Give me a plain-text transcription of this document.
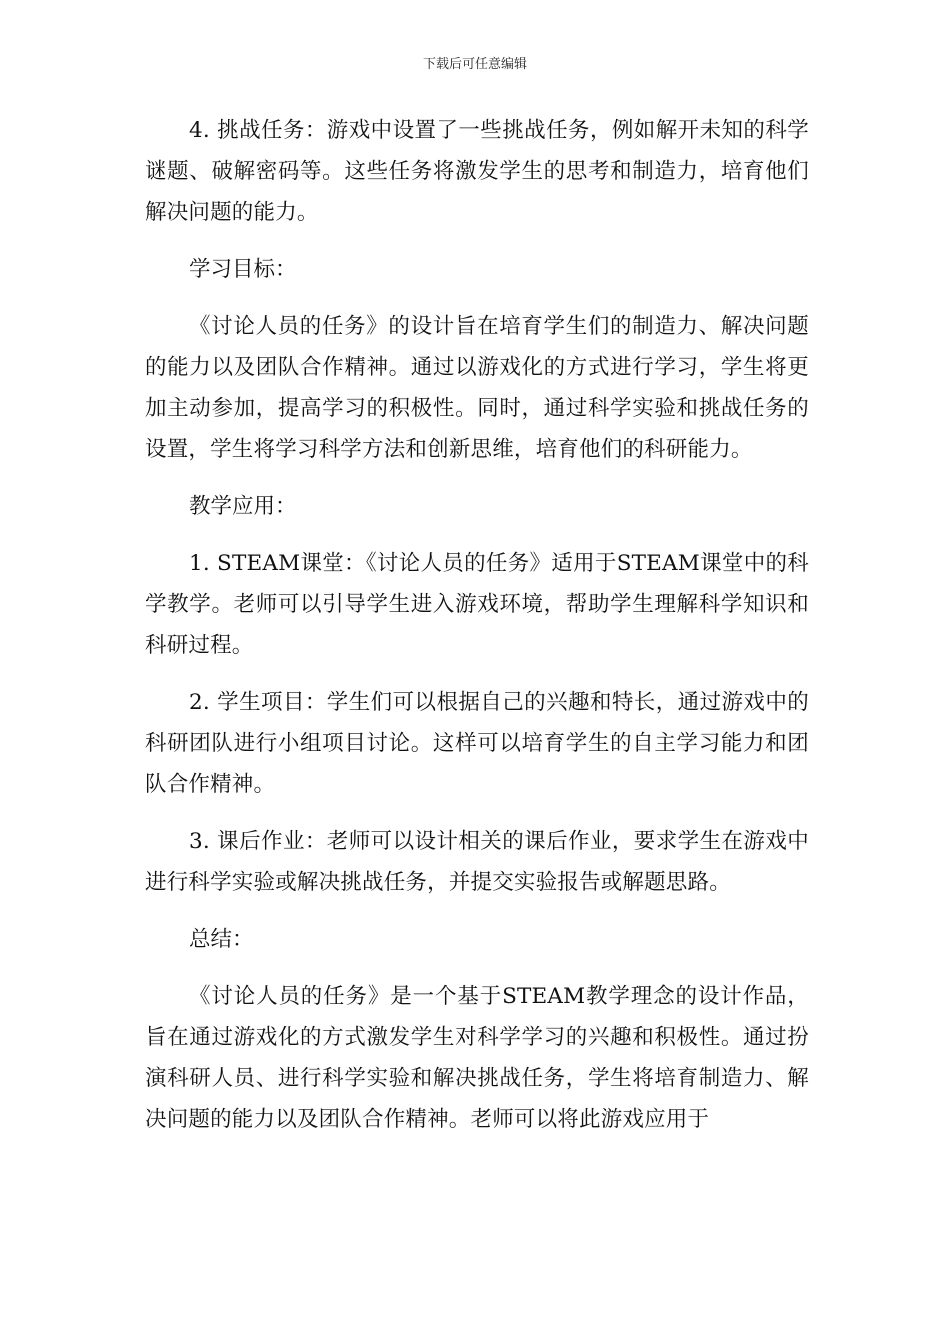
下载后可任意编辑

4. 挑战任务：游戏中设置了一些挑战任务，例如解开未知的科学谜题、破解密码等。这些任务将激发学生的思考和制造力，培育他们解决问题的能力。

学习目标：

《讨论人员的任务》的设计旨在培育学生们的制造力、解决问题的能力以及团队合作精神。通过以游戏化的方式进行学习，学生将更加主动参加，提高学习的积极性。同时，通过科学实验和挑战任务的设置，学生将学习科学方法和创新思维，培育他们的科研能力。

教学应用：

1. STEAM课堂：《讨论人员的任务》适用于STEAM课堂中的科学教学。老师可以引导学生进入游戏环境，帮助学生理解科学知识和科研过程。

2. 学生项目：学生们可以根据自己的兴趣和特长，通过游戏中的科研团队进行小组项目讨论。这样可以培育学生的自主学习能力和团队合作精神。

3. 课后作业：老师可以设计相关的课后作业，要求学生在游戏中进行科学实验或解决挑战任务，并提交实验报告或解题思路。

总结：

《讨论人员的任务》是一个基于STEAM教学理念的设计作品，旨在通过游戏化的方式激发学生对科学学习的兴趣和积极性。通过扮演科研人员、进行科学实验和解决挑战任务，学生将培育制造力、解决问题的能力以及团队合作精神。老师可以将此游戏应用于
